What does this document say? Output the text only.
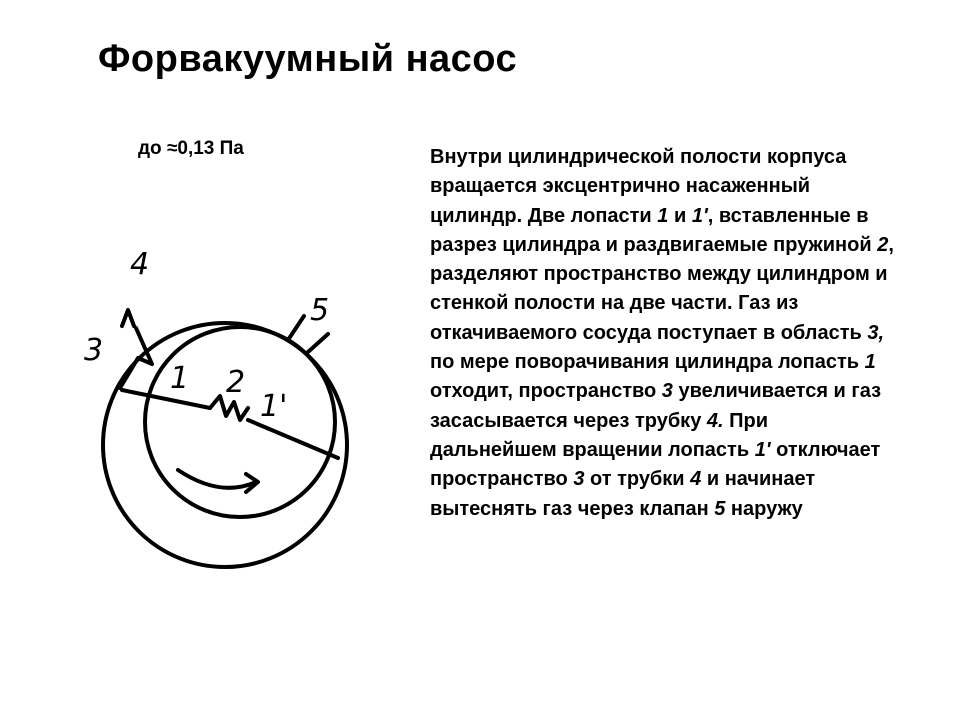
Форвакуумный насос
до ≈0,13 Па	Внутри цилиндрической полости корпуса вращается эксцентрично насаженный цилиндр. Две лопасти 1 и 1', вставленные в разрез цилиндра и раздвигаемые пружиной 2, разделяют пространство между цилиндром и стенкой полости на две части. Газ из откачиваемого сосуда поступает в область 3, по мере поворачивания цилиндра лопасть 1 отходит, пространство 3 увеличивается и газ засасывается через трубку 4. При дальнейшем вращении лопасть 1' отключает пространство 3 от трубки 4 и начинает вытеснять газ через клапан 5 наружу
4
5
3
1 2
1'
